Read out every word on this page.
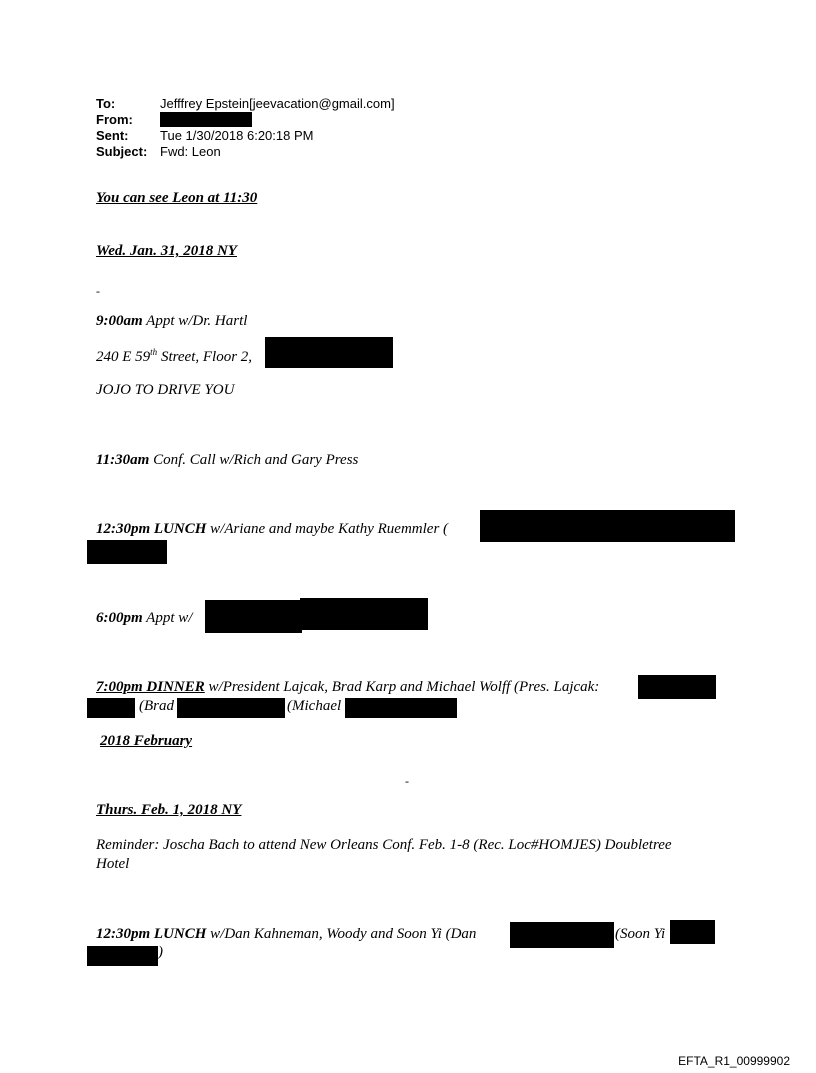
To:	Jefffrey Epstein[jeevacation@gmail.com]
From:
Sent:	Tue 1/30/2018 6:20:18 PM
Subject: Fwd: Leon
You can see Leon at 11:30
Wed. Jan. 31, 2018 NY
-
9:00am Appt w/Dr. Hartl
240 E 59th Street, Floor 2,
JOJO TO DRIVE YOU
11:30am Conf. Call w/Rich and Gary Press
12:30pm LUNCH w/Ariane and maybe Kathy Ruemmler (
6:00pm Appt w/
7:00pm DINNER w/President Lajcak, Brad Karp and Michael Wolff (Pres. Lajcak:
(Brad	(Michael
2018 February
-
Thurs. Feb. 1, 2018 NY
Reminder: Joscha Bach to attend New Orleans Conf. Feb. 1-8 (Rec. Loc#HOMJES) Doubletree
Hotel
12:30pm LUNCH w/Dan Kahneman, Woody and Soon Yi (Dan	(Soon Yi
)
EFTA_R1_00999902
